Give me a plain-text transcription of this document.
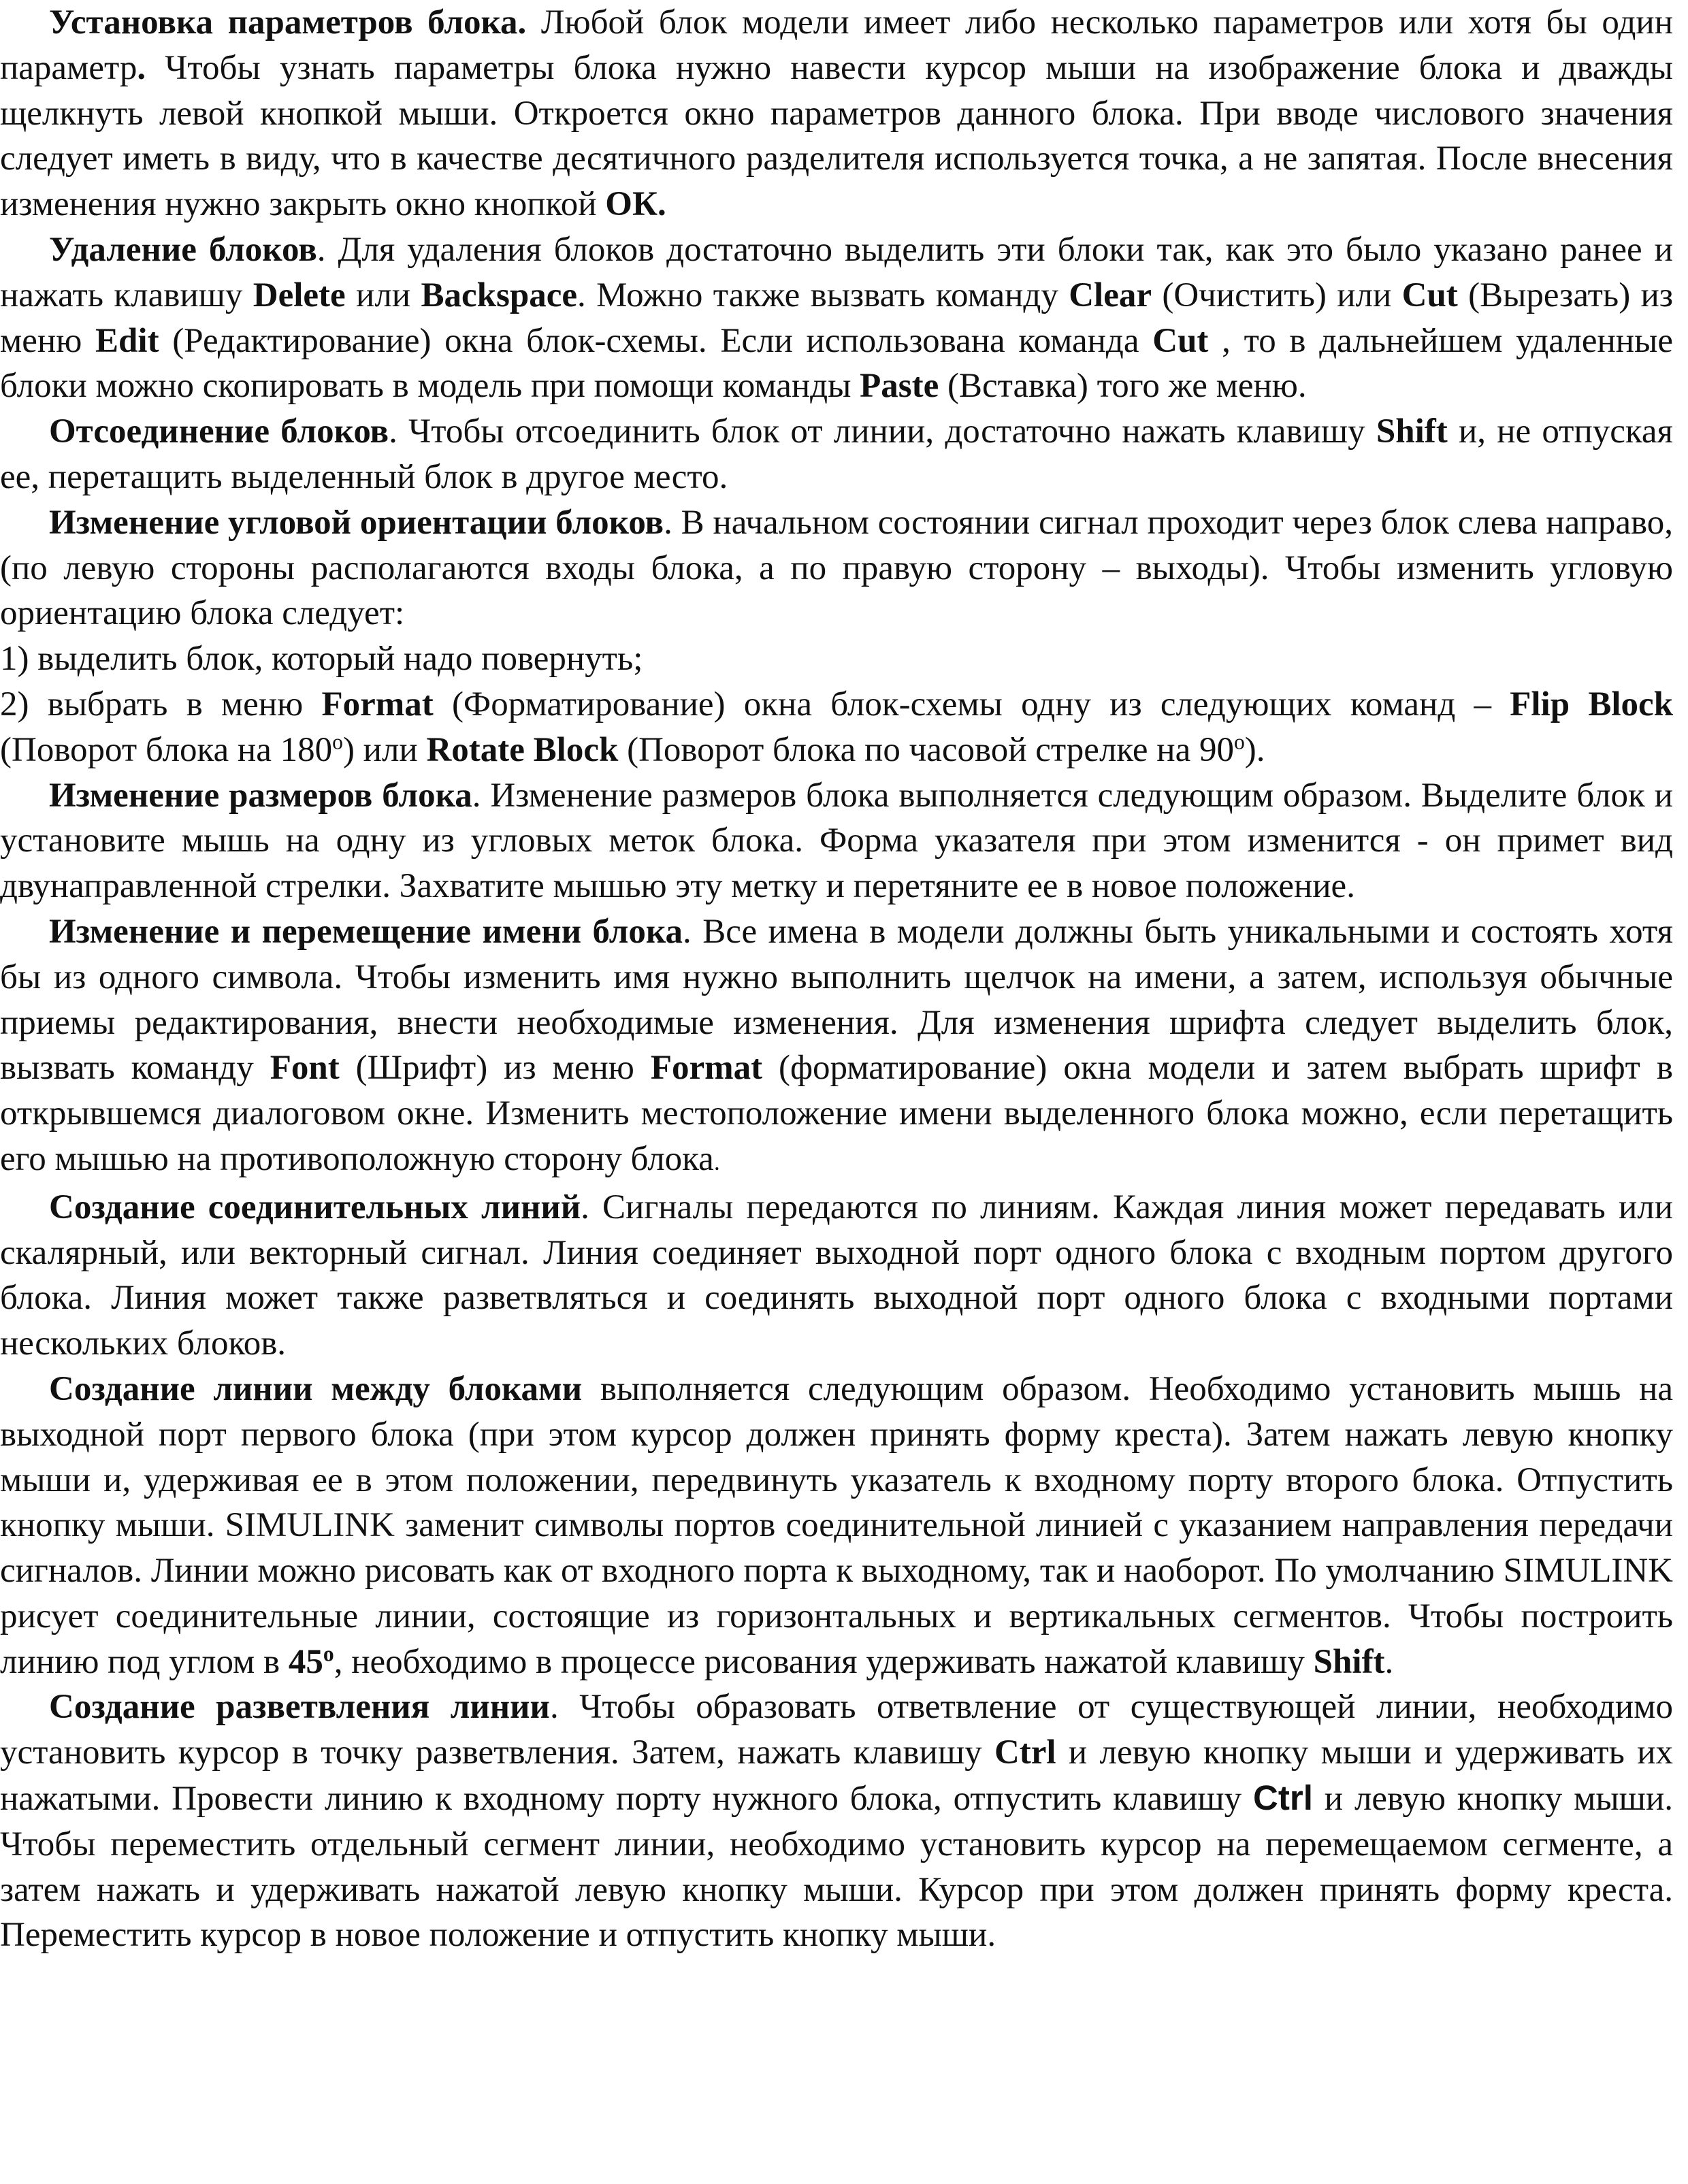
Установка параметров блока. Любой блок модели имеет либо несколько параметров или хотя бы один параметр. Чтобы узнать параметры блока нужно навести курсор мыши на изображение блока и дважды щелкнуть левой кнопкой мыши. Откроется окно параметров данного блока. При вводе числового значения следует иметь в виду, что в качестве десятичного разделителя используется точка, а не запятая. После внесения изменения нужно закрыть окно кнопкой ОК.

Удаление блоков. Для удаления блоков достаточно выделить эти блоки так, как это было указано ранее и нажать клавишу Delete или Backspace. Можно также вызвать команду Clear (Очистить) или Cut (Вырезать) из меню Edit (Редактирование) окна блок-схемы. Если использована команда Cut , то в дальнейшем удаленные блоки можно скопировать в модель при помощи команды Paste (Вставка) того же меню.

Отсоединение блоков. Чтобы отсоединить блок от линии, достаточно нажать клавишу Shift и, не отпуская ее, перетащить выделенный блок в другое место.

Изменение угловой ориентации блоков. В начальном состоянии сигнал проходит через блок слева направо, (по левую стороны располагаются входы блока, а по правую сторону – выходы). Чтобы изменить угловую ориентацию блока следует:

1) выделить блок, который надо повернуть;

2) выбрать в меню Format (Форматирование) окна блок-схемы одну из следующих команд – Flip Block (Поворот блока на 180$^o$) или Rotate Block (Поворот блока по часовой стрелке на 90$^o$).

Изменение размеров блока. Изменение размеров блока выполняется следующим образом. Выделите блок и установите мышь на одну из угловых меток блока. Форма указателя при этом изменится - он примет вид двунаправленной стрелки. Захватите мышью эту метку и перетяните ее в новое положение.

Изменение и перемещение имени блока. Все имена в модели должны быть уникальными и состоять хотя бы из одного символа. Чтобы изменить имя нужно выполнить щелчок на имени, а затем, используя обычные приемы редактирования, внести необходимые изменения. Для изменения шрифта следует выделить блок, вызвать команду Font (Шрифт) из меню Format (форматирование) окна модели и затем выбрать шрифт в открывшемся диалоговом окне. Изменить местоположение имени выделенного блока можно, если перетащить его мышью на противоположную сторону блока.

Создание соединительных линий. Сигналы передаются по линиям. Каждая линия может передавать или скалярный, или векторный сигнал. Линия соединяет выходной порт одного блока с входным портом другого блока. Линия может также разветвляться и соединять выходной порт одного блока с входными портами нескольких блоков.

Создание линии между блоками выполняется следующим образом. Необходимо установить мышь на выходной порт первого блока (при этом курсор должен принять форму креста). Затем нажать левую кнопку мыши и, удерживая ее в этом положении, передвинуть указатель к входному порту второго блока. Отпустить кнопку мыши. SIMULINK заменит символы портов соединительной линией с указанием направления передачи сигналов. Линии можно рисовать как от входного порта к выходному, так и наоборот. По умолчанию SIMULINK рисует соединительные линии, состоящие из горизонтальных и вертикальных сегментов. Чтобы построить линию под углом в 45$^o$, необходимо в процессе рисования удерживать нажатой клавишу Shift.

Создание разветвления линии. Чтобы образовать ответвление от существующей линии, необходимо установить курсор в точку разветвления. Затем, нажать клавишу Ctrl и левую кнопку мыши и удерживать их нажатыми. Провести линию к входному порту нужного блока, отпустить клавишу Ctrl и левую кнопку мыши. Чтобы переместить отдельный сегмент линии, необходимо установить курсор на перемещаемом сегменте, а затем нажать и удерживать нажатой левую кнопку мыши. Курсор при этом должен принять форму креста. Переместить курсор в новое положение и отпустить кнопку мыши.
